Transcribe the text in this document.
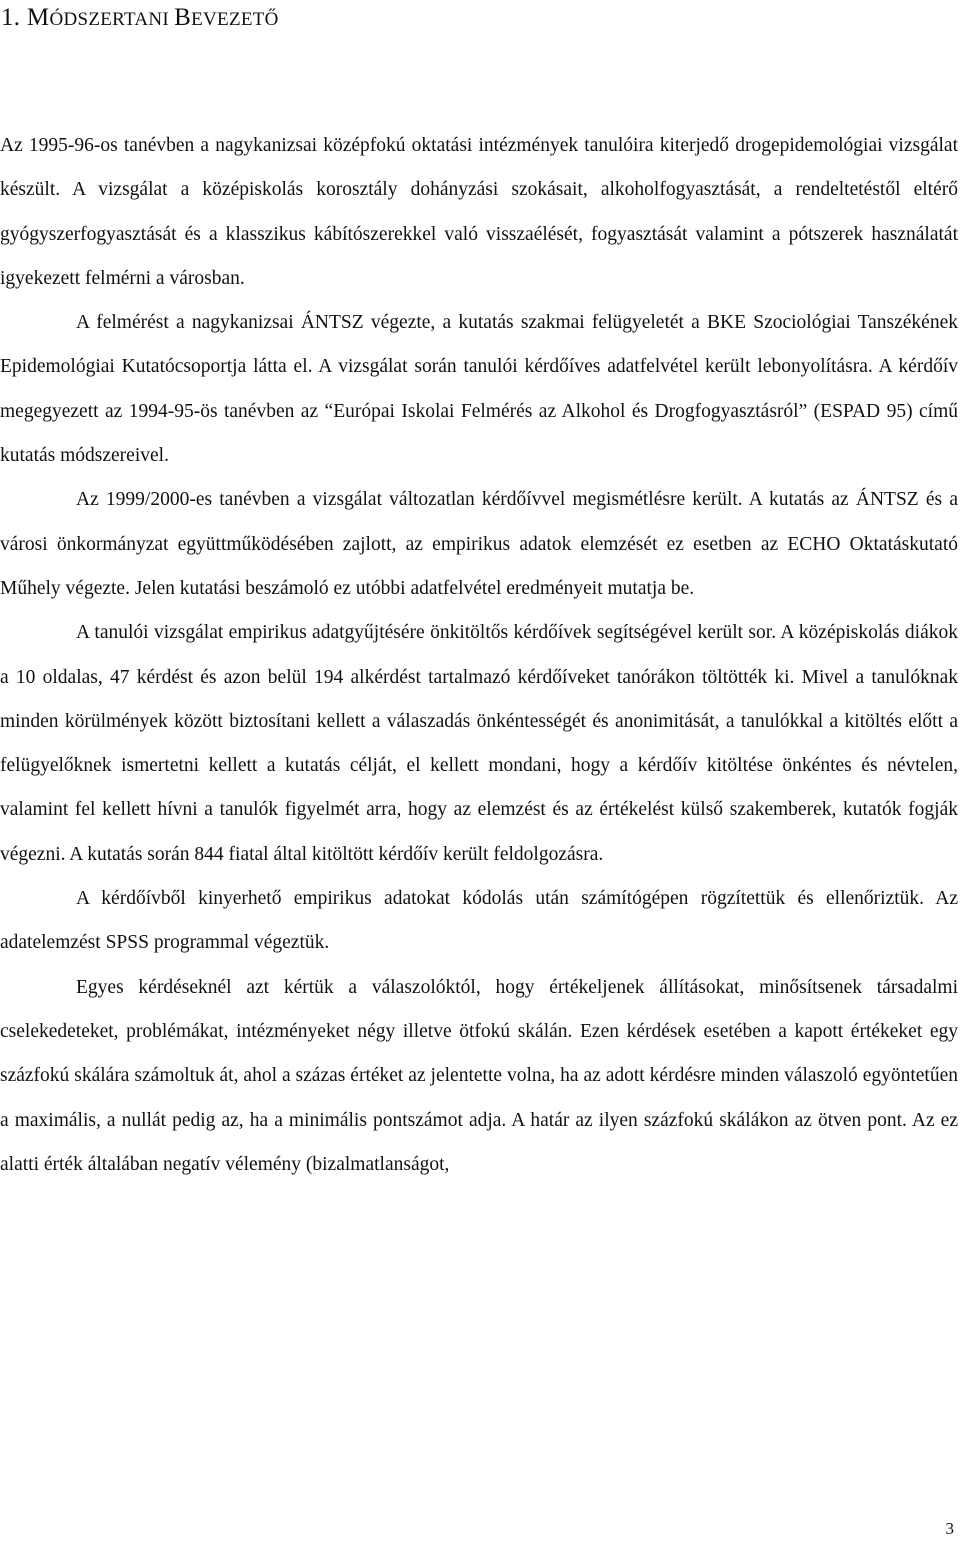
1. MÓDSZERTANI BEVEZETŐ

Az 1995-96-os tanévben a nagykanizsai középfokú oktatási intézmények tanulóira kiterjedő drogepidemológiai vizsgálat készült. A vizsgálat a középiskolás korosztály dohányzási szokásait, alkoholfogyasztását, a rendeltetéstől eltérő gyógyszerfogyasztását és a klasszikus kábítószerekkel való visszaélését, fogyasztását valamint a pótszerek használatát igyekezett felmérni a városban.

A felmérést a nagykanizsai ÁNTSZ végezte, a kutatás szakmai felügyeletét a BKE Szociológiai Tanszékének Epidemológiai Kutatócsoportja látta el. A vizsgálat során tanulói kérdőíves adatfelvétel került lebonyolításra. A kérdőív megegyezett az 1994-95-ös tanévben az “Európai Iskolai Felmérés az Alkohol és Drogfogyasztásról” (ESPAD 95) című kutatás módszereivel.

Az 1999/2000-es tanévben a vizsgálat változatlan kérdőívvel megismétlésre került. A kutatás az ÁNTSZ és a városi önkormányzat együttműködésében zajlott, az empirikus adatok elemzését ez esetben az ECHO Oktatáskutató Műhely végezte. Jelen kutatási beszámoló ez utóbbi adatfelvétel eredményeit mutatja be.

A tanulói vizsgálat empirikus adatgyűjtésére önkitöltős kérdőívek segítségével került sor. A középiskolás diákok a 10 oldalas, 47 kérdést és azon belül 194 alkérdést tartalmazó kérdőíveket tanórákon töltötték ki. Mivel a tanulóknak minden körülmények között biztosítani kellett a válaszadás önkéntességét és anonimitását, a tanulókkal a kitöltés előtt a felügyelőknek ismertetni kellett a kutatás célját, el kellett mondani, hogy a kérdőív kitöltése önkéntes és névtelen, valamint fel kellett hívni a tanulók figyelmét arra, hogy az elemzést és az értékelést külső szakemberek, kutatók fogják végezni. A kutatás során 844 fiatal által kitöltött kérdőív került feldolgozásra.

A kérdőívből kinyerhető empirikus adatokat kódolás után számítógépen rögzítettük és ellenőriztük. Az adatelemzést SPSS programmal végeztük.

Egyes kérdéseknél azt kértük a válaszolóktól, hogy értékeljenek állításokat, minősítsenek társadalmi cselekedeteket, problémákat, intézményeket négy illetve ötfokú skálán. Ezen kérdések esetében a kapott értékeket egy százfokú skálára számoltuk át, ahol a százas értéket az jelentette volna, ha az adott kérdésre minden válaszoló egyöntetűen a maximális, a nullát pedig az, ha a minimális pontszámot adja. A határ az ilyen százfokú skálákon az ötven pont. Az ez alatti érték általában negatív vélemény (bizalmatlanságot,

3
